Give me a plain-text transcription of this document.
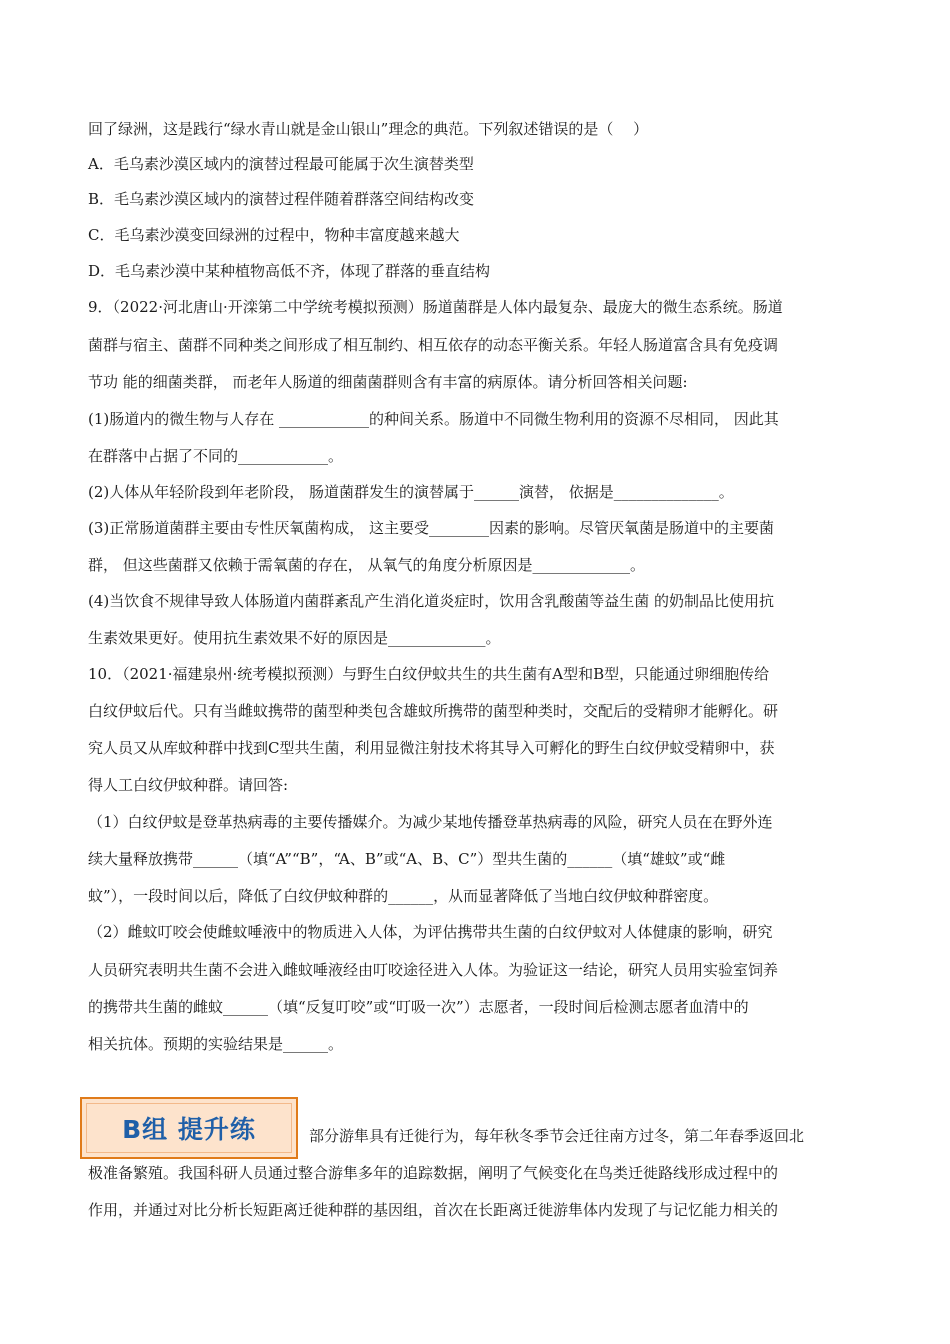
回了绿洲，这是践行“绿水青山就是金山银山”理念的典范。下列叙述错误的是（　 ）
A．毛乌素沙漠区域内的演替过程最可能属于次生演替类型
B．毛乌素沙漠区域内的演替过程伴随着群落空间结构改变
C．毛乌素沙漠变回绿洲的过程中，物种丰富度越来越大
D．毛乌素沙漠中某种植物高低不齐，体现了群落的垂直结构
9．（2022·河北唐山·开滦第二中学统考模拟预测）肠道菌群是人体内最复杂、最庞大的微生态系统。肠道
菌群与宿主、菌群不同种类之间形成了相互制约、相互依存的动态平衡关系。年轻人肠道富含具有免疫调
节功 能的细菌类群， 而老年人肠道的细菌菌群则含有丰富的病原体。请分析回答相关问题:
(1)肠道内的微生物与人存在 ____________的种间关系。肠道中不同微生物利用的资源不尽相同， 因此其
在群落中占据了不同的____________。
(2)人体从年轻阶段到年老阶段， 肠道菌群发生的演替属于______演替， 依据是______________。
(3)正常肠道菌群主要由专性厌氧菌构成， 这主要受________因素的影响。尽管厌氧菌是肠道中的主要菌
群， 但这些菌群又依赖于需氧菌的存在， 从氧气的角度分析原因是_____________。
(4)当饮食不规律导致人体肠道内菌群紊乱产生消化道炎症时，饮用含乳酸菌等益生菌 的奶制品比使用抗
生素效果更好。使用抗生素效果不好的原因是_____________。
10．（2021·福建泉州·统考模拟预测）与野生白纹伊蚊共生的共生菌有A型和B型，只能通过卵细胞传给
白纹伊蚊后代。只有当雌蚊携带的菌型种类包含雄蚊所携带的菌型种类时，交配后的受精卵才能孵化。研
究人员又从库蚊种群中找到C型共生菌，利用显微注射技术将其导入可孵化的野生白纹伊蚊受精卵中，获
得人工白纹伊蚊种群。请回答:
（1）白纹伊蚊是登革热病毒的主要传播媒介。为减少某地传播登革热病毒的风险，研究人员在在野外连
续大量释放携带______（填“A”“B”，“A、B”或“A、B、C”）型共生菌的______（填“雄蚊”或“雌
蚊”），一段时间以后，降低了白纹伊蚊种群的______，从而显著降低了当地白纹伊蚊种群密度。
（2）雌蚊叮咬会使雌蚊唾液中的物质进入人体，为评估携带共生菌的白纹伊蚊对人体健康的影响，研究
人员研究表明共生菌不会进入雌蚊唾液经由叮咬途径进入人体。为验证这一结论，研究人员用实验室饲养
的携带共生菌的雌蚊______（填“反复叮咬”或“叮吸一次”）志愿者，一段时间后检测志愿者血清中的
相关抗体。预期的实验结果是______。
B组 提升练	部分游隼具有迁徙行为，每年秋冬季节会迁往南方过冬，第二年春季返回北
极准备繁殖。我国科研人员通过整合游隼多年的追踪数据，阐明了气候变化在鸟类迁徙路线形成过程中的
作用，并通过对比分析长短距离迁徙种群的基因组，首次在长距离迁徙游隼体内发现了与记忆能力相关的
